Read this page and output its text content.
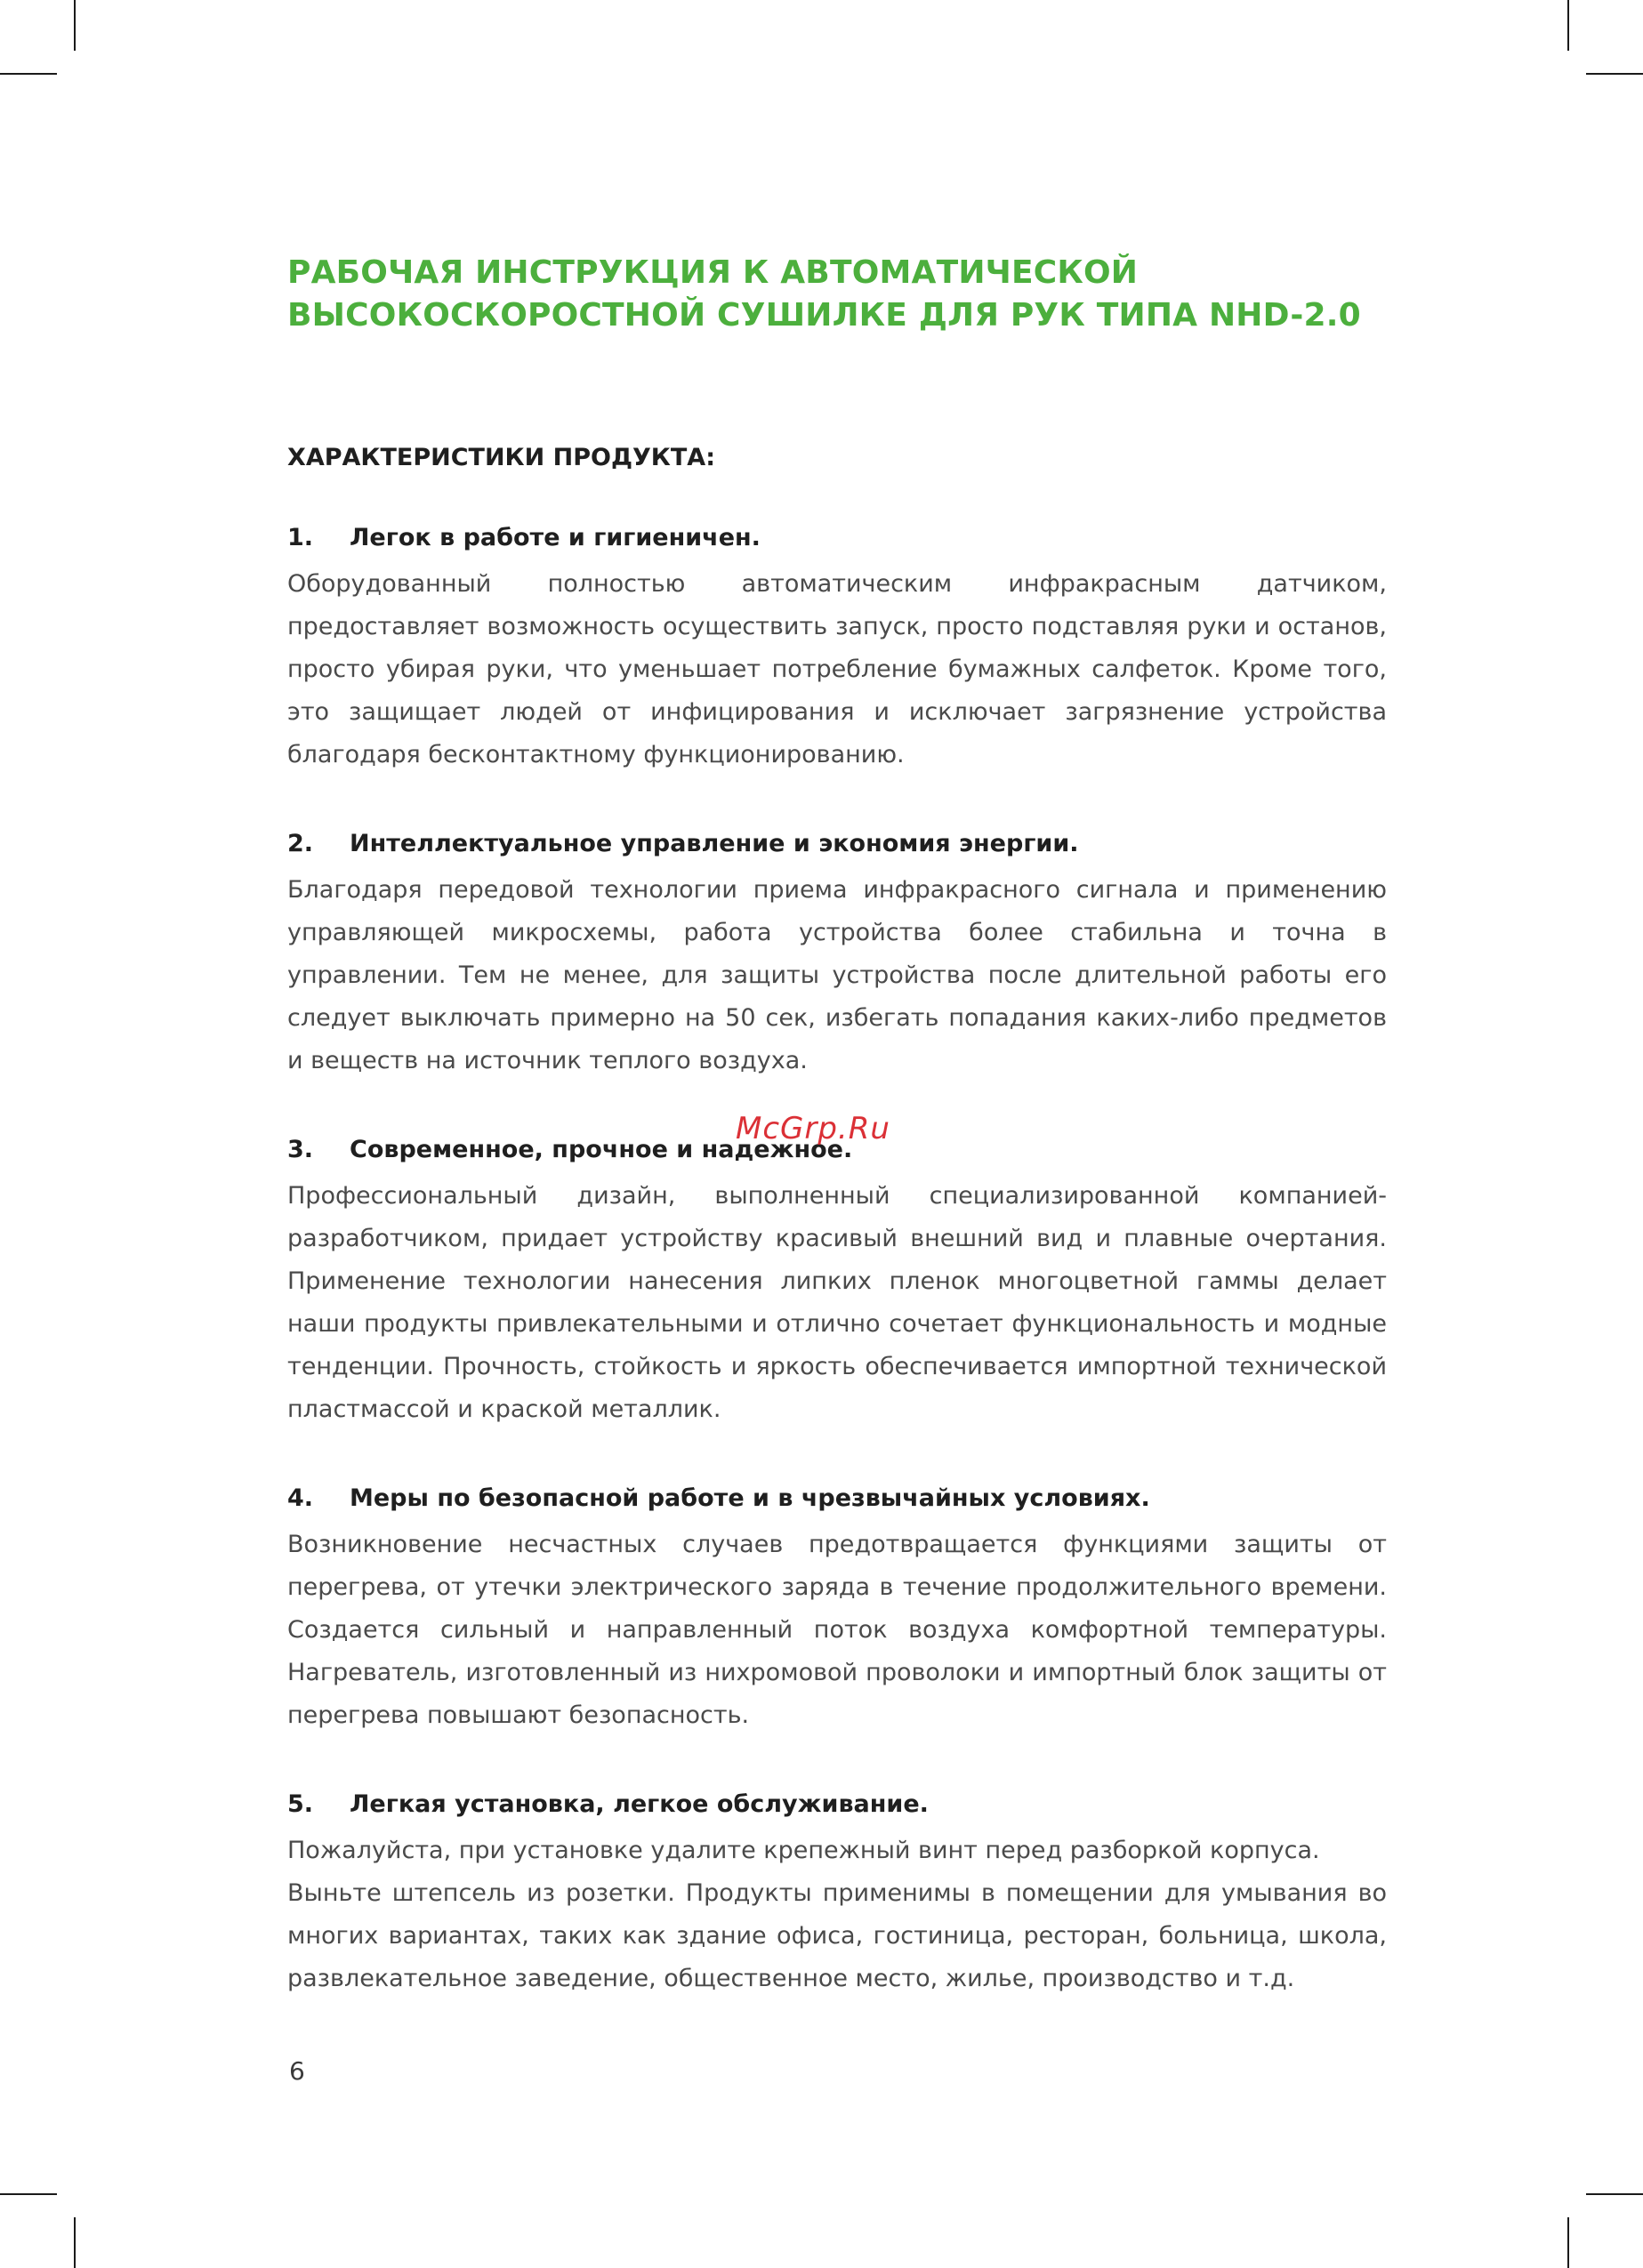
РАБОЧАЯ ИНСТРУКЦИЯ К АВТОМАТИЧЕСКОЙ
ВЫСОКОСКОРОСТНОЙ СУШИЛКЕ ДЛЯ РУК ТИПА NHD-2.0
ХАРАКТЕРИСТИКИ ПРОДУКТА:
1. Легок в работе и гигиеничен.

Оборудованный полностью автоматическим инфракрасным датчиком, предоставляет возможность осуществить запуск, просто подставляя руки и останов, просто убирая руки, что уменьшает потребление бумажных салфеток. Кроме того, это защищает людей от инфицирования и исключает загрязнение устройства благодаря бесконтактному функционированию.

2. Интеллектуальное управление и экономия энергии.

Благодаря передовой технологии приема инфракрасного сигнала и применению управляющей микросхемы, работа устройства более стабильна и точна в управлении. Тем не менее, для защиты устройства после длительной работы его следует выключать примерно на 50 сек, избегать попадания каких-либо предметов и веществ на источник теплого воздуха.

3. Современное, прочное и надежное.

Профессиональный дизайн, выполненный специализированной компанией-разработчиком, придает устройству красивый внешний вид и плавные очертания. Применение технологии нанесения липких пленок многоцветной гаммы делает наши продукты привлекательными и отлично сочетает функциональность и модные тенденции. Прочность, стойкость и яркость обеспечивается импортной технической пластмассой и краской металлик.

4. Меры по безопасной работе и в чрезвычайных условиях.

Возникновение несчастных случаев предотвращается функциями защиты от перегрева, от утечки электрического заряда в течение продолжительного времени. Создается сильный и направленный поток воздуха комфортной температуры. Нагреватель, изготовленный из нихромовой проволоки и импортный блок защиты от перегрева повышают безопасность.

5. Легкая установка, легкое обслуживание.

Пожалуйста, при установке удалите крепежный винт перед разборкой корпуса.

Выньте штепсель из розетки. Продукты применимы в помещении для умывания во многих вариантах, таких как здание офиса, гостиница, ресторан, больница, школа, развлекательное заведение, общественное место, жилье, производство и т.д.

McGrp.Ru
6
